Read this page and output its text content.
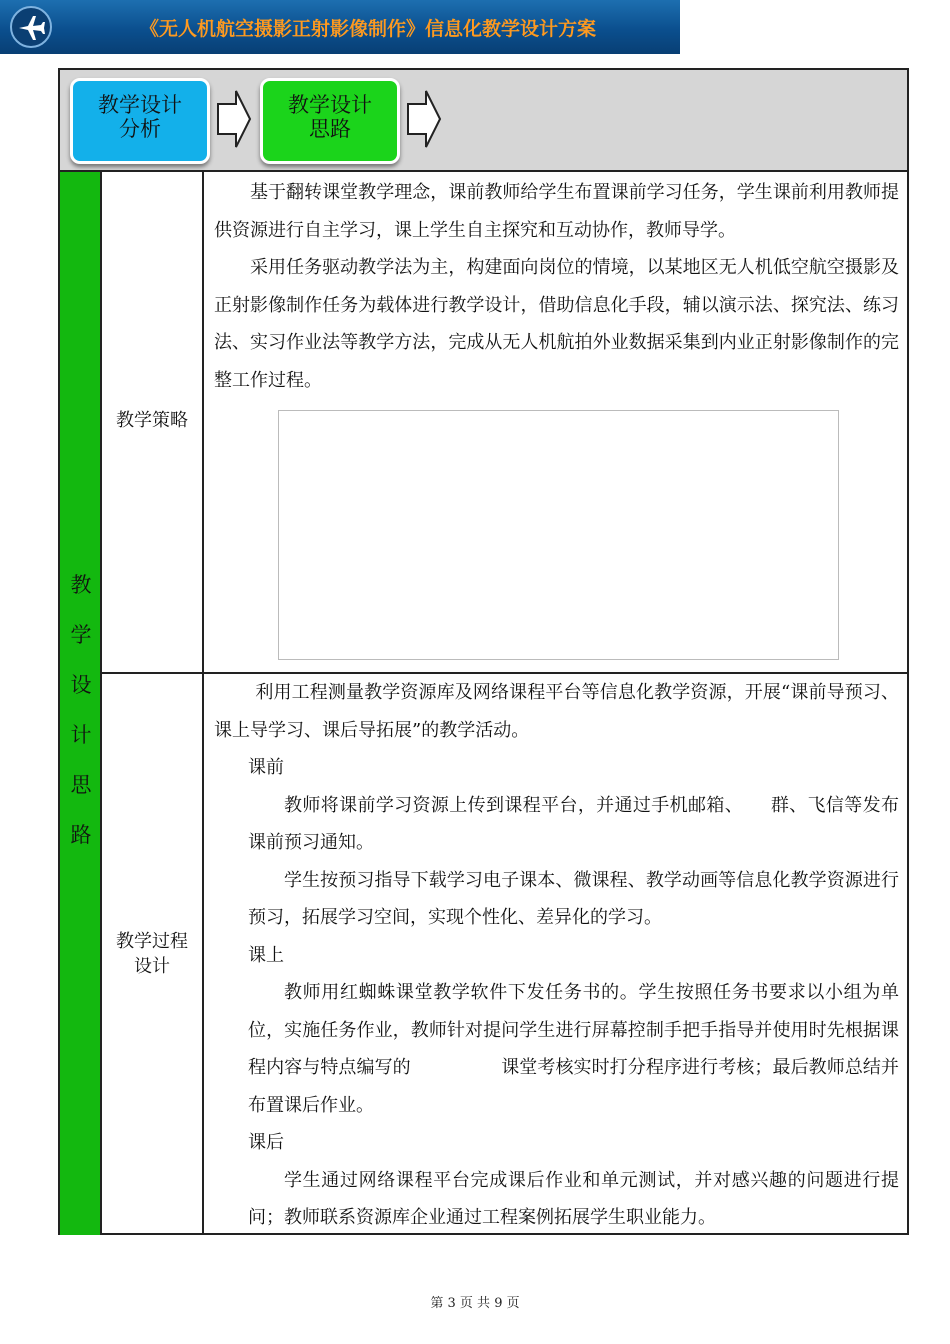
《无人机航空摄影正射影像制作》信息化教学设计方案
教学设计
分析
教学设计
思路
教
学
设
计
思
路
教学策略

基于翻转课堂教学理念，课前教师给学生布置课前学习任务，学生课前利用教师提供资源进行自主学习，课上学生自主探究和互动协作，教师导学。

采用任务驱动教学法为主，构建面向岗位的情境，以某地区无人机低空航空摄影及正射影像制作任务为载体进行教学设计，借助信息化手段，辅以演示法、探究法、练习法、实习作业法等教学方法，完成从无人机航拍外业数据采集到内业正射影像制作的完整工作过程。

教学过程
设计

利用工程测量教学资源库及网络课程平台等信息化教学资源，开展“课前导预习、课上导学习、课后导拓展”的教学活动。

课前

教师将课前学习资源上传到课程平台，并通过手机邮箱、　　群、飞信等发布课前预习通知。

学生按预习指导下载学习电子课本、微课程、教学动画等信息化教学资源进行预习，拓展学习空间，实现个性化、差异化的学习。

课上

教师用红蜘蛛课堂教学软件下发任务书的。学生按照任务书要求以小组为单位，实施任务作业，教师针对提问学生进行屏幕控制手把手指导并使用时先根据课程内容与特点编写的　　　　　课堂考核实时打分程序进行考核；最后教师总结并布置课后作业。

课后

学生通过网络课程平台完成课后作业和单元测试，并对感兴趣的问题进行提问；教师联系资源库企业通过工程案例拓展学生职业能力。

第 3 页 共 9 页
